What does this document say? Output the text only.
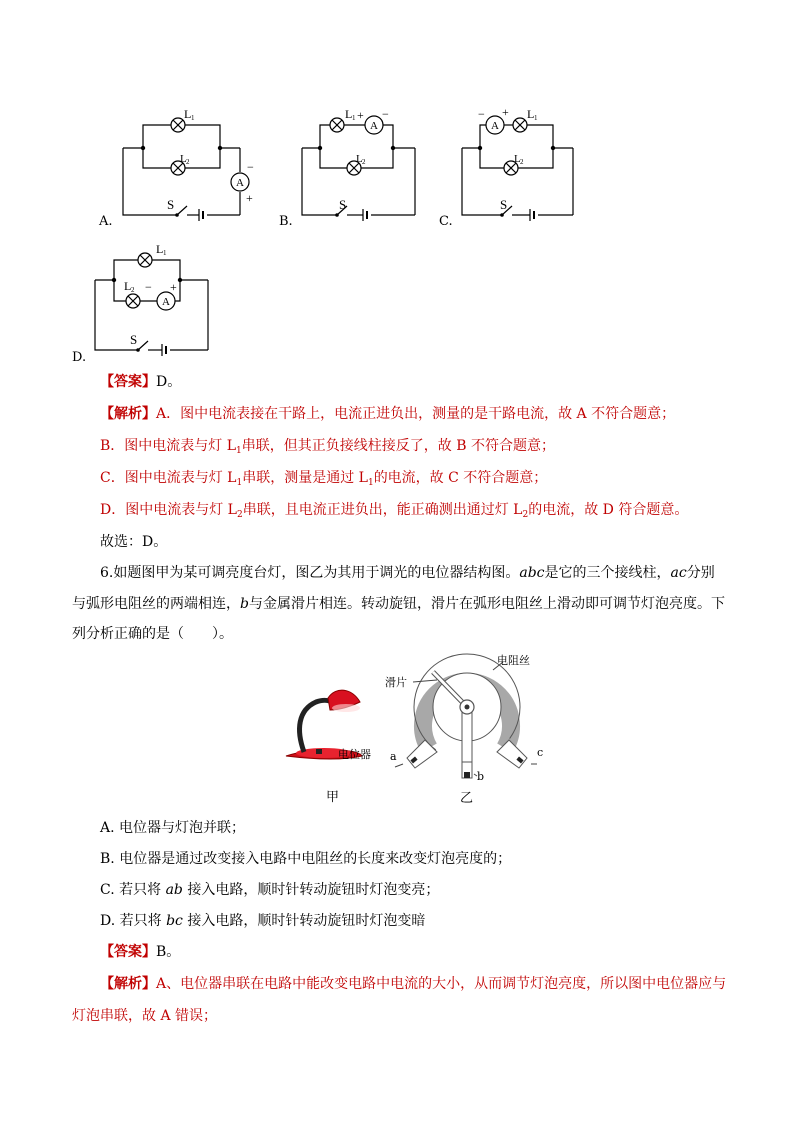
L 1
L 2
A
−
+
S
A.
L 1 + −
A
L 2
S
B.
− +
A
L 1
L 2
S
C.
L 1
L 2 − +
A
S
D.
【答案】D。
【解析】A．图中电流表接在干路上，电流正进负出，测量的是干路电流，故 A 不符合题意；
B．图中电流表与灯 $L_1$串联，但其正负接线柱接反了，故 B 不符合题意；
C．图中电流表与灯 $L_1$串联，测量是通过 $L_1$的电流，故 C 不符合题意；
D．图中电流表与灯 $L_2$串联，且电流正进负出，能正确测出通过灯 $L_2$的电流，故 D 符合题意。
故选：D。
6.如题图甲为某可调亮度台灯，图乙为其用于调光的电位器结构图。abc是它的三个接线柱，ac分别
与弧形电阻丝的两端相连，b与金属滑片相连。转动旋钮，滑片在弧形电阻丝上滑动即可调节灯泡亮度。下
列分析正确的是（　　）。
电位器
甲
电阻丝
滑片
a
b
c
乙
A. 电位器与灯泡并联；
B. 电位器是通过改变接入电路中电阻丝的长度来改变灯泡亮度的；
C. 若只将 ab 接入电路，顺时针转动旋钮时灯泡变亮；
D. 若只将 bc 接入电路，顺时针转动旋钮时灯泡变暗
【答案】B。
【解析】A、电位器串联在电路中能改变电路中电流的大小，从而调节灯泡亮度，所以图中电位器应与
灯泡串联，故 A 错误；
